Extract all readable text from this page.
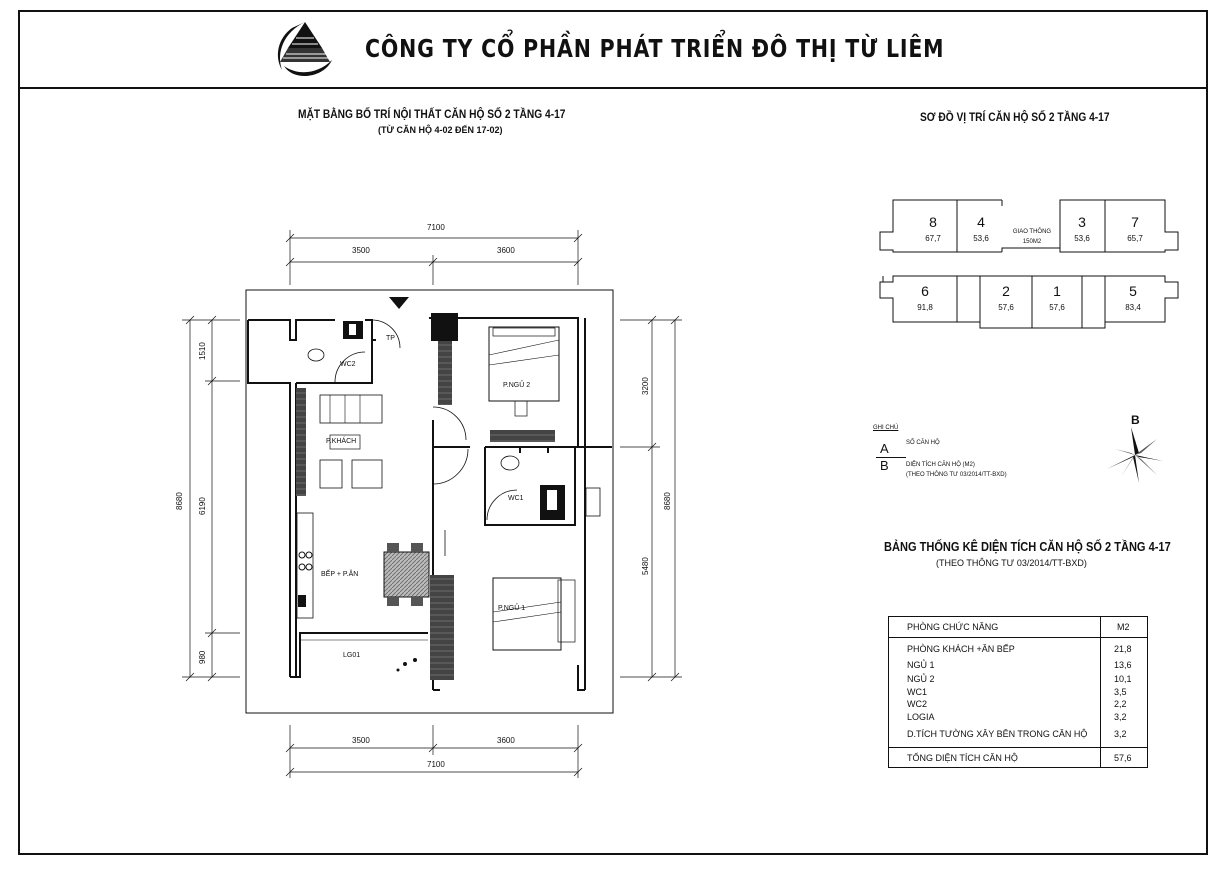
CÔNG TY CỔ PHẦN PHÁT TRIỂN ĐÔ THỊ TỪ LIÊM
MẶT BẰNG BỐ TRÍ NỘI THẤT CĂN HỘ SỐ 2 TẦNG 4-17
(TỪ CĂN HỘ 4-02 ĐẾN 17-02)
7100
3500	3600
3500	3600
7100
8680
1510
6190
980
3200
8680
5480
WC2
TP
P.NGỦ 2
P.KHÁCH
WC1
BẾP + P.ĂN
P.NGỦ 1
LG01
SƠ ĐỒ VỊ TRÍ CĂN HỘ SỐ 2 TẦNG 4-17
8
67,7
4
53,6
GIAO THÔNG
150M2
3
53,6
7
65,7
6
91,8
2
57,6
1
57,6
5
83,4
GHI CHÚ
A	SỐ CĂN HỘ
B	DIỆN TÍCH CĂN HỘ (M2)
(THEO THÔNG TƯ 03/2014/TT-BXD)
B
BẢNG THỐNG KÊ DIỆN TÍCH CĂN HỘ SỐ 2 TẦNG 4-17
(THEO THÔNG TƯ 03/2014/TT-BXD)
PHÒNG CHỨC NĂNG	M2
PHÒNG KHÁCH +ĂN BẾP	21,8
NGỦ 1	13,6
NGỦ 2	10,1
WC1	3,5
WC2	2,2
LOGIA	3,2
D.TÍCH TƯỜNG XÂY BÊN TRONG CĂN HỘ	3,2
TỔNG DIỆN TÍCH CĂN HỘ	57,6
